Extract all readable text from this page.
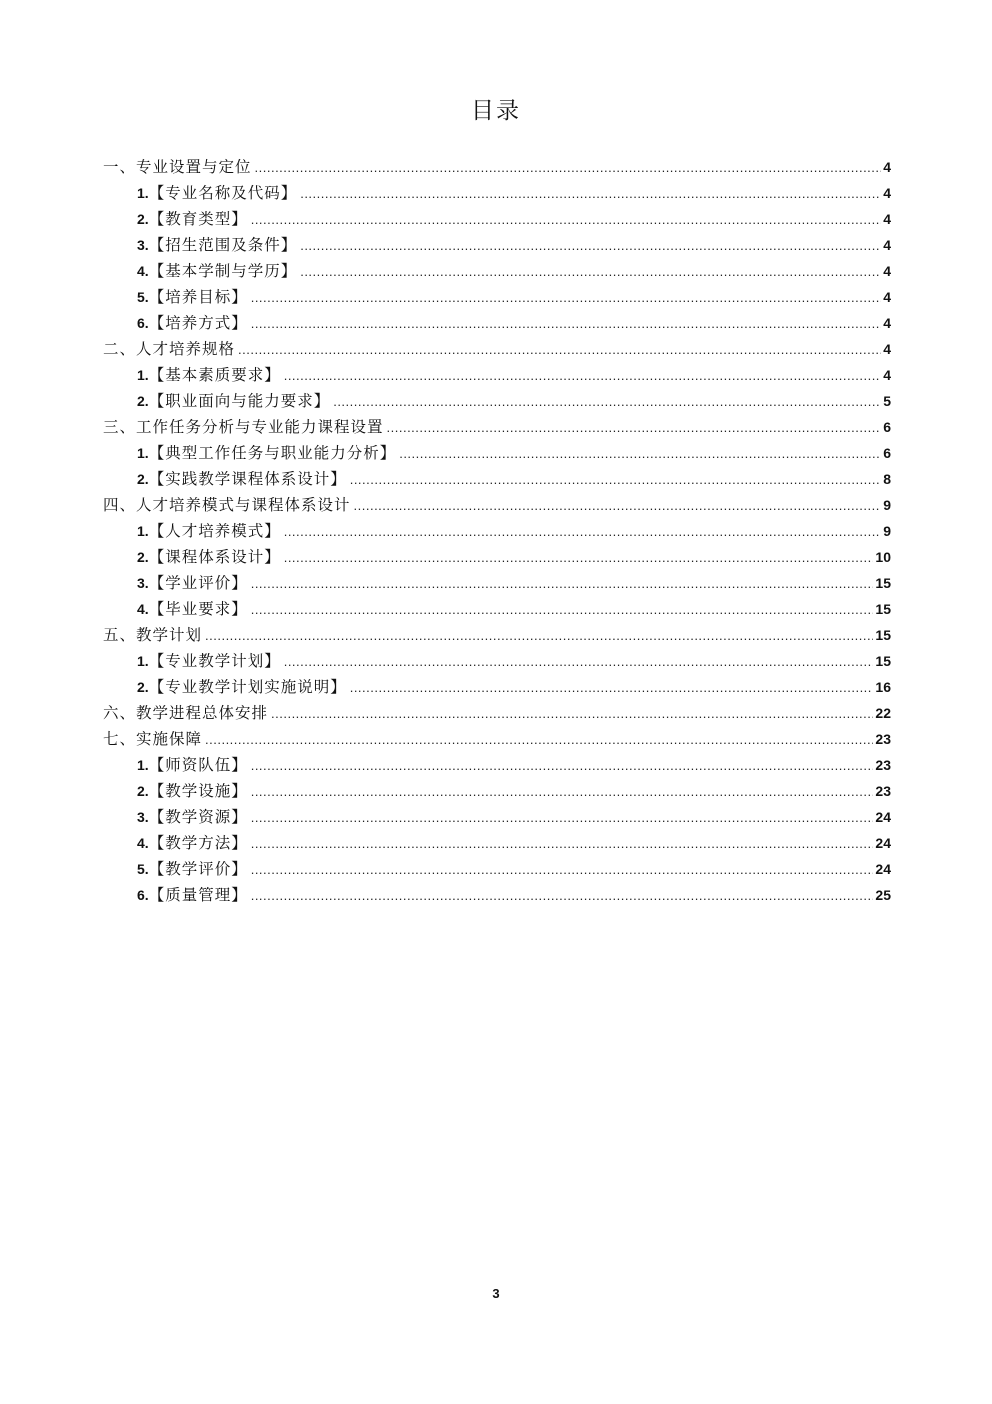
目录
一、专业设置与定位 .....	4
1. 【专业名称及代码】 .....	4
2. 【教育类型】 .....	4
3. 【招生范围及条件】 .....	4
4. 【基本学制与学历】 .....	4
5. 【培养目标】 .....	4
6. 【培养方式】 .....	4
二、人才培养规格 .....	4
1. 【基本素质要求】 .....	4
2. 【职业面向与能力要求】 .....	5
三、工作任务分析与专业能力课程设置 .....	6
1. 【典型工作任务与职业能力分析】 .....	6
2. 【实践教学课程体系设计】 .....	8
四、人才培养模式与课程体系设计 .....	9
1. 【人才培养模式】 .....	9
2. 【课程体系设计】 .....	10
3. 【学业评价】 .....	15
4. 【毕业要求】 .....	15
五、教学计划 .....	15
1. 【专业教学计划】 .....	15
2. 【专业教学计划实施说明】 .....	16
六、教学进程总体安排 .....	22
七、实施保障 .....	23
1. 【师资队伍】 .....	23
2. 【教学设施】 .....	23
3. 【教学资源】 .....	24
4. 【教学方法】 .....	24
5. 【教学评价】 .....	24
6. 【质量管理】 .....	25
3
